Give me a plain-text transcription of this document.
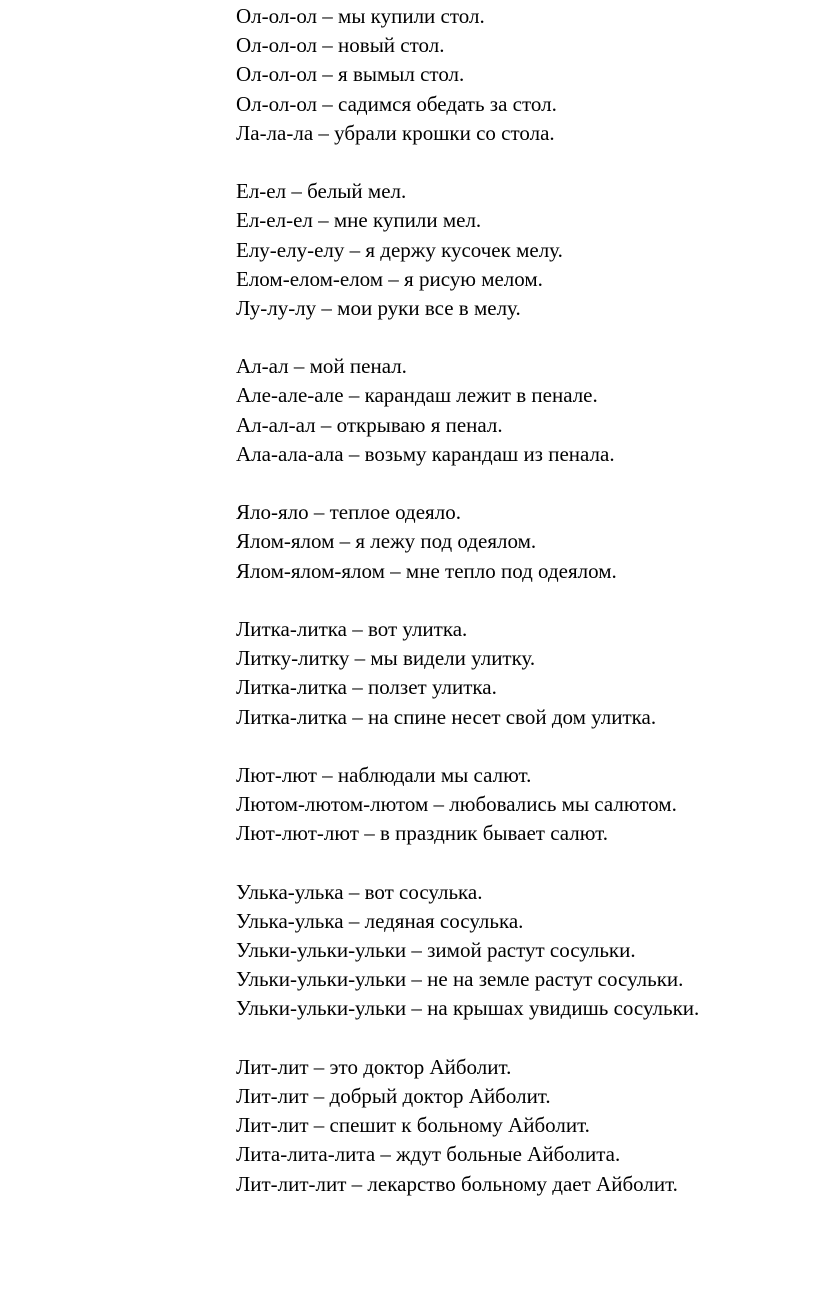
Ол-ол-ол – мы купили стол.
Ол-ол-ол – новый стол.
Ол-ол-ол – я вымыл стол.
Ол-ол-ол – садимся обедать за стол.
Ла-ла-ла – убрали крошки со стола.
Ел-ел – белый мел.
Ел-ел-ел – мне купили мел.
Елу-елу-елу – я держу кусочек мелу.
Елом-елом-елом – я рисую мелом.
Лу-лу-лу – мои руки все в мелу.
Ал-ал – мой пенал.
Але-але-але – карандаш лежит в пенале.
Ал-ал-ал – открываю я пенал.
Ала-ала-ала – возьму карандаш из пенала.
Яло-яло – теплое одеяло.
Ялом-ялом – я лежу под одеялом.
Ялом-ялом-ялом – мне тепло под одеялом.
Литка-литка – вот улитка.
Литку-литку – мы видели улитку.
Литка-литка – ползет улитка.
Литка-литка – на спине несет свой дом улитка.
Лют-лют – наблюдали мы салют.
Лютом-лютом-лютом – любовались мы салютом.
Лют-лют-лют – в праздник бывает салют.
Улька-улька – вот сосулька.
Улька-улька – ледяная сосулька.
Ульки-ульки-ульки – зимой растут сосульки.
Ульки-ульки-ульки – не на земле растут сосульки.
Ульки-ульки-ульки – на крышах увидишь сосульки.
Лит-лит – это доктор Айболит.
Лит-лит – добрый доктор Айболит.
Лит-лит – спешит к больному Айболит.
Лита-лита-лита – ждут больные Айболита.
Лит-лит-лит – лекарство больному дает Айболит.
